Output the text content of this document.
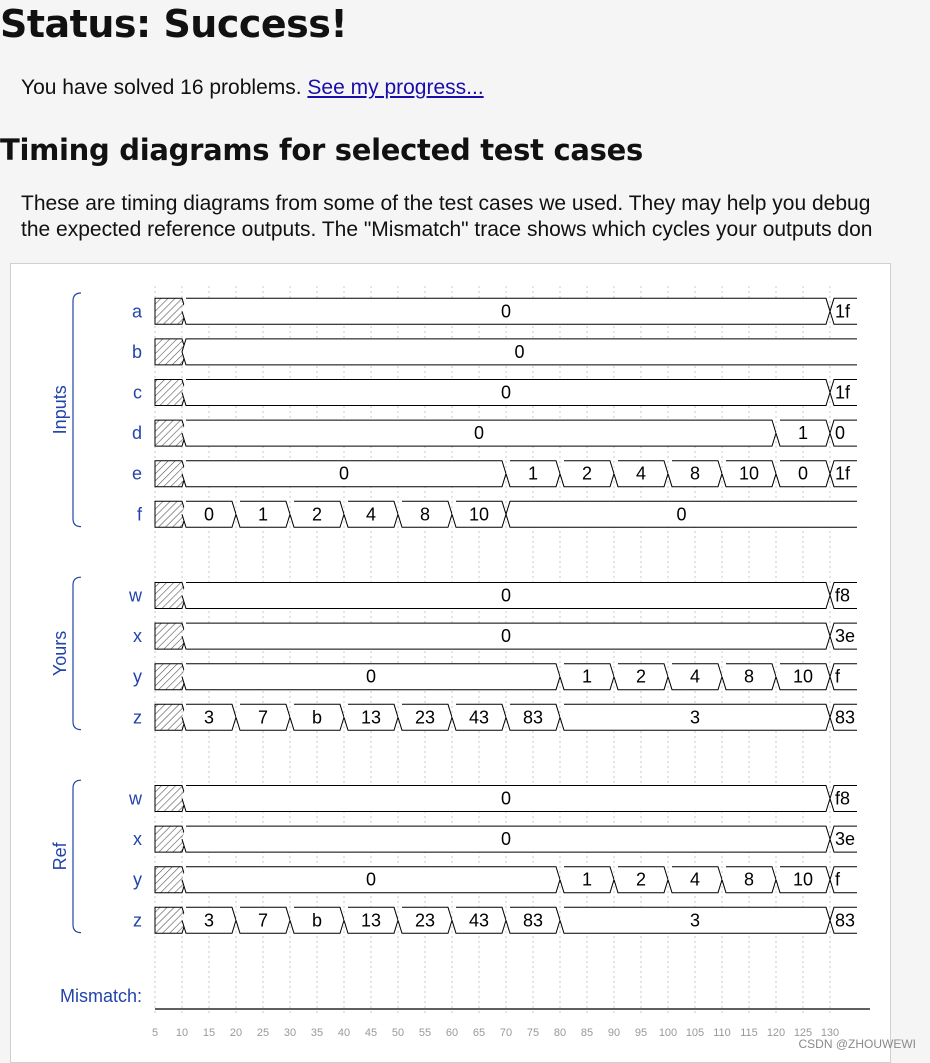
Status: Success!

You have solved 16 problems. See my progress...

Timing diagrams for selected test cases
These are timing diagrams from some of the test cases we used. They may help you debug
the expected reference outputs. The "Mismatch" trace shows which cycles your outputs don
Inputs
Yours
Ref
a	0	1f
b	0
c	0	1f
d	0	1 0
e	0	1 2 4 8 10 0 1f
f	0 1 2 4 8 10	0
w	0	f8
x	0	3e
y	0	1 2 4 8 10 f
z	3 7 b 13 23 43 83	3	83
w	0	f8
x	0	3e
y	0	1 2 4 8 10 f
z	3 7 b 13 23 43 83	3	83
Mismatch:
5 10 15 20 25 30 35 40 45 50 55 60 65 70 75 80 85 90 95 100 105 110 115 120 125 130
CSDN @ZHOUWEWI
